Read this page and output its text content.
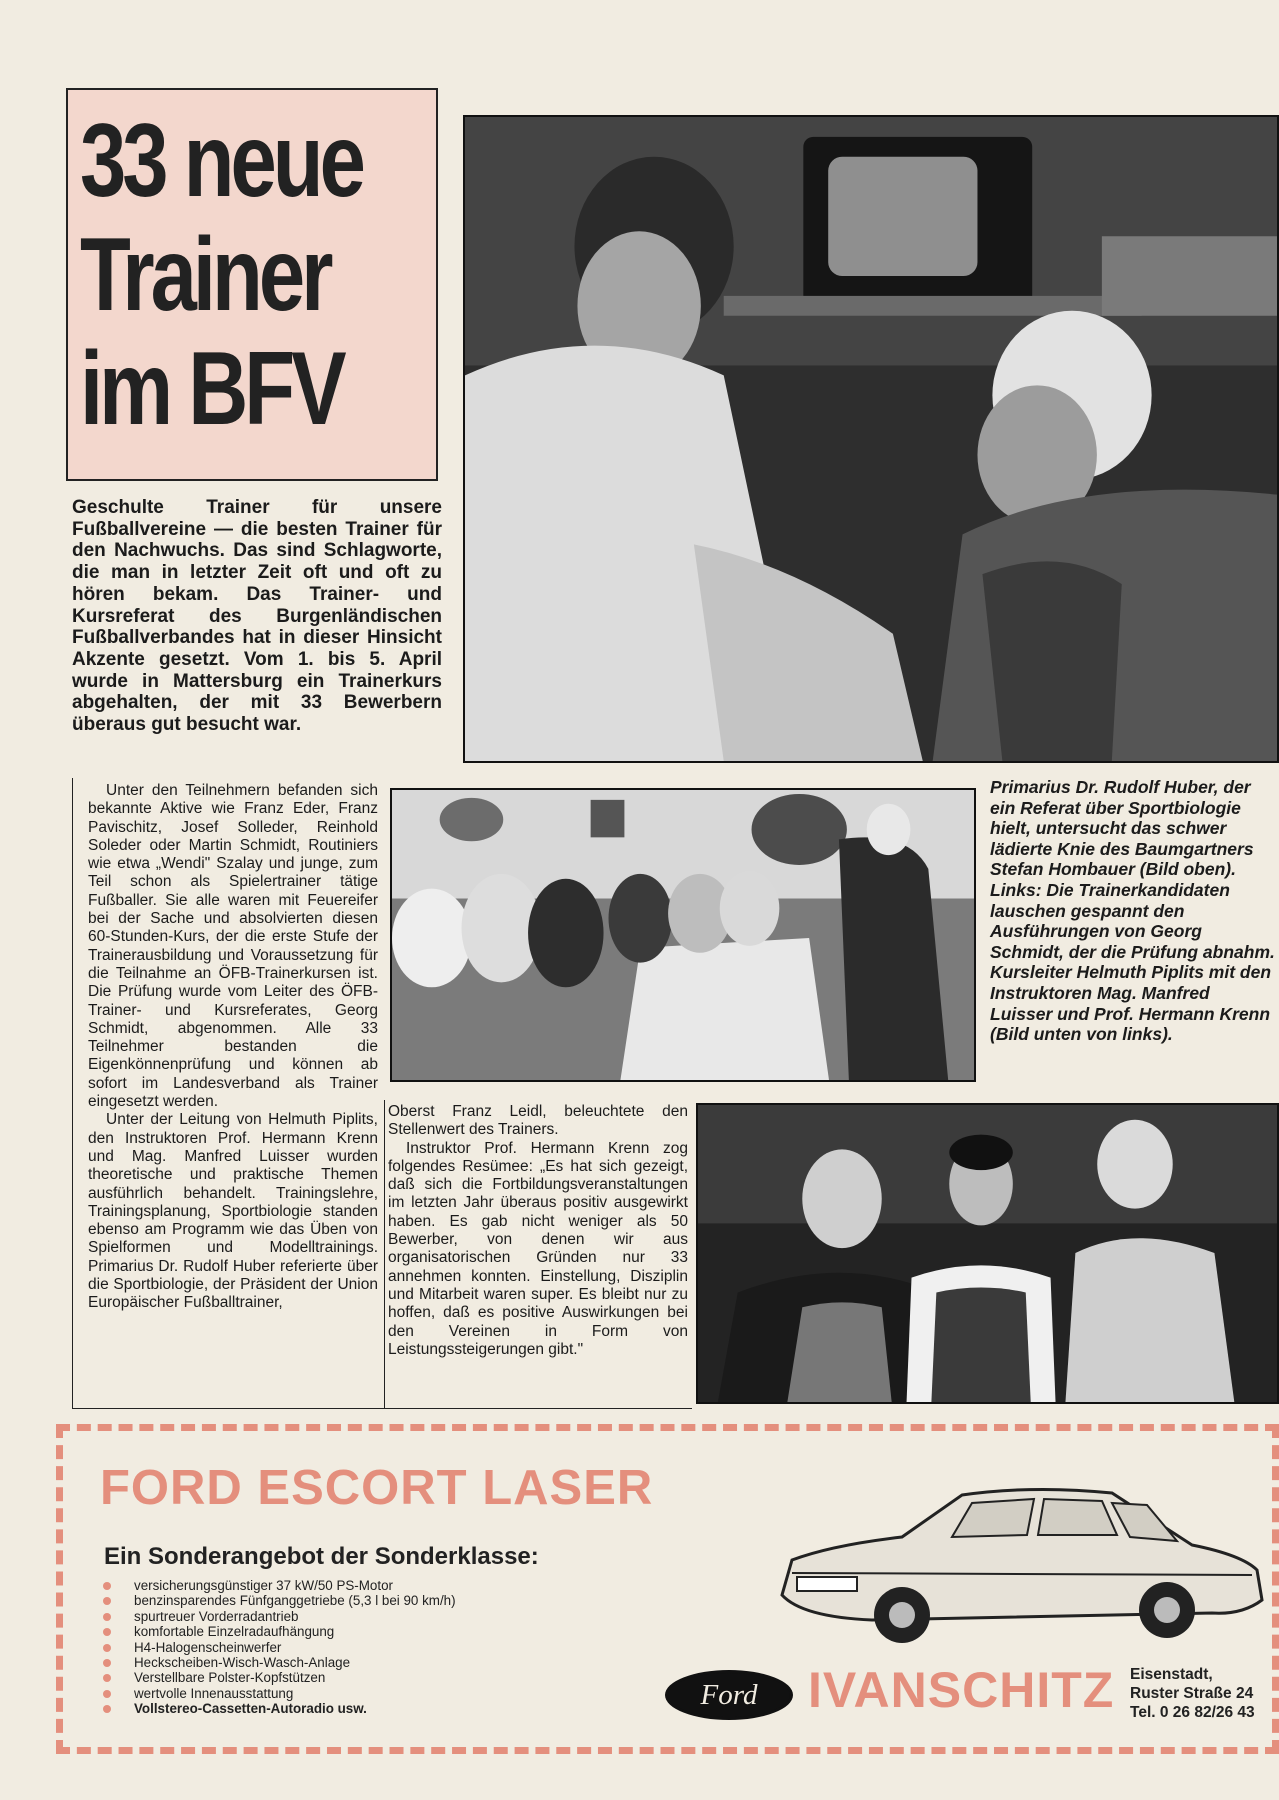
33 neue
Trainer
im BFV

Geschulte Trainer für unsere Fußballvereine — die besten Trainer für den Nachwuchs. Das sind Schlagworte, die man in letzter Zeit oft und oft zu hören bekam. Das Trainer- und Kursreferat des Burgenländischen Fußballverbandes hat in dieser Hinsicht Akzente gesetzt. Vom 1. bis 5. April wurde in Mattersburg ein Trainerkurs abgehalten, der mit 33 Bewerbern überaus gut besucht war.

Primarius Dr. Rudolf Huber, der ein Referat über Sportbiologie hielt, untersucht das schwer lädierte Knie des Baumgartners Stefan Hombauer (Bild oben). Links: Die Trainerkandidaten lauschen gespannt den Ausführungen von Georg Schmidt, der die Prüfung abnahm. Kursleiter Helmuth Piplits mit den Instruktoren Mag. Manfred Luisser und Prof. Hermann Krenn (Bild unten von links).

Unter den Teilnehmern befanden sich bekannte Aktive wie Franz Eder, Franz Pavischitz, Josef Solleder, Reinhold Soleder oder Martin Schmidt, Routiniers wie etwa „Wendi" Szalay und junge, zum Teil schon als Spielertrainer tätige Fußballer. Sie alle waren mit Feuereifer bei der Sache und absolvierten diesen 60-Stunden-Kurs, der die erste Stufe der Trainerausbildung und Voraussetzung für die Teilnahme an ÖFB-Trainerkursen ist. Die Prüfung wurde vom Leiter des ÖFB-Trainer- und Kursreferates, Georg Schmidt, abgenommen. Alle 33 Teilnehmer bestanden die Eigenkönnenprüfung und können ab sofort im Landesverband als Trainer eingesetzt werden.

Unter der Leitung von Helmuth Piplits, den Instruktoren Prof. Hermann Krenn und Mag. Manfred Luisser wurden theoretische und praktische Themen ausführlich behandelt. Trainingslehre, Trainingsplanung, Sportbiologie standen ebenso am Programm wie das Üben von Spielformen und Modelltrainings. Primarius Dr. Rudolf Huber referierte über die Sportbiologie, der Präsident der Union Europäischer Fußballtrainer,

Oberst Franz Leidl, beleuchtete den Stellenwert des Trainers.

Instruktor Prof. Hermann Krenn zog folgendes Resümee: „Es hat sich gezeigt, daß sich die Fortbildungsveranstaltungen im letzten Jahr überaus positiv ausgewirkt haben. Es gab nicht weniger als 50 Bewerber, von denen wir aus organisatorischen Gründen nur 33 annehmen konnten. Einstellung, Disziplin und Mitarbeit waren super. Es bleibt nur zu hoffen, daß es positive Auswirkungen bei den Vereinen in Form von Leistungssteigerungen gibt."

FORD ESCORT LASER
Ein Sonderangebot der Sonderklasse:
versicherungsgünstiger 37 kW/50 PS-Motor
benzinsparendes Fünfganggetriebe (5,3 l bei 90 km/h)
spurtreuer Vorderradantrieb
komfortable Einzelradaufhängung
H4-Halogenscheinwerfer
Heckscheiben-Wisch-Wasch-Anlage
Verstellbare Polster-Kopfstützen
wertvolle Innenausstattung
Vollstereo-Cassetten-Autoradio usw.	Ford IVANSCHITZ Eisenstadt,
Ruster Straße 24
Tel. 0 26 82/26 43
